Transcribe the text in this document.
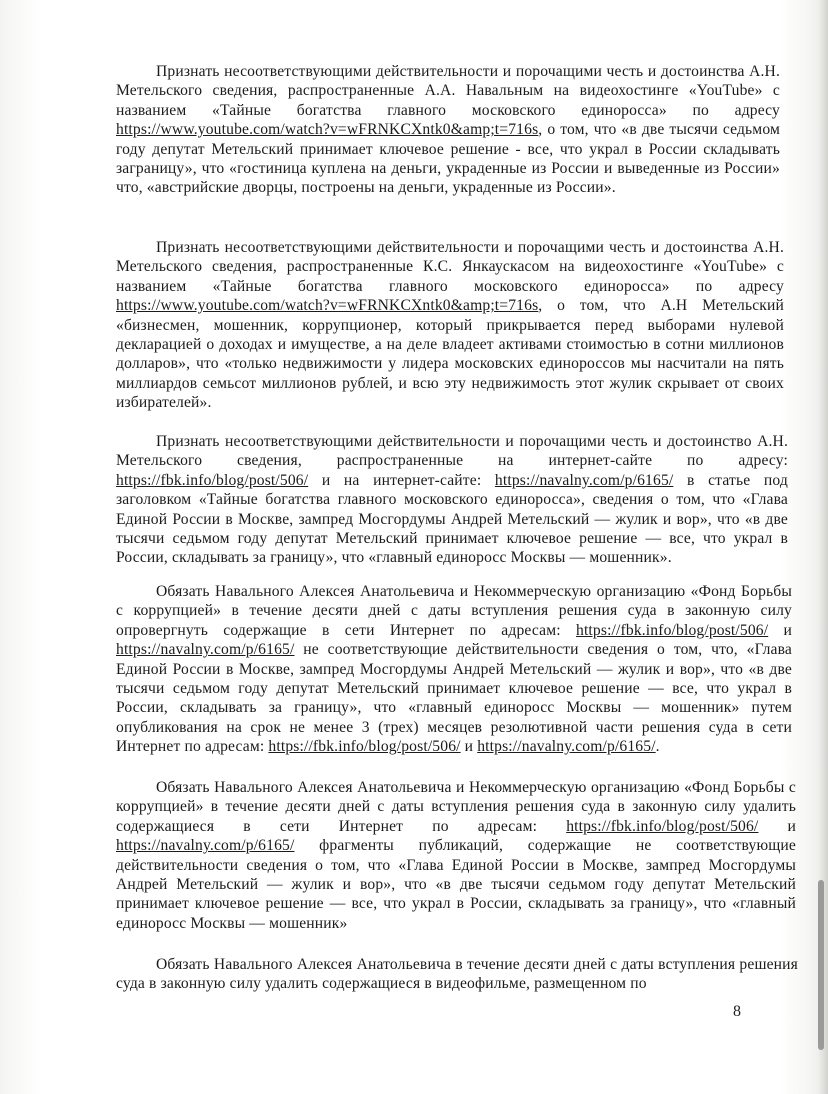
Признать несоответствующими действительности и порочащими честь и достоинства А.Н. Метельского сведения, распространенные А.А. Навальным на видеохостинге «YouTube» с названием «Тайные богатства главного московского единоросса» по адресу https://www.youtube.com/watch?v=wFRNKCXntk0&amp;t=716s, о том, что «в две тысячи седьмом году депутат Метельский принимает ключевое решение - все, что украл в России складывать заграницу», что «гостиница куплена на деньги, украденные из России и выведенные из России» что, «австрийские дворцы, построены на деньги, украденные из России».

Признать несоответствующими действительности и порочащими честь и достоинства А.Н. Метельского сведения, распространенные К.С. Янкаускасом на видеохостинге «YouTube» с названием «Тайные богатства главного московского единоросса» по адресу https://www.youtube.com/watch?v=wFRNKCXntk0&amp;t=716s, о том, что А.Н Метельский «бизнесмен, мошенник, коррупционер, который прикрывается перед выборами нулевой декларацией о доходах и имуществе, а на деле владеет активами стоимостью в сотни миллионов долларов», что «только недвижимости у лидера московских единороссов мы насчитали на пять миллиардов семьсот миллионов рублей, и всю эту недвижимость этот жулик скрывает от своих избирателей».

Признать несоответствующими действительности и порочащими честь и достоинство А.Н. Метельского сведения, распространенные на интернет-сайте по адресу: https://fbk.info/blog/post/506/ и на интернет-сайте: https://navalny.com/p/6165/ в статье под заголовком «Тайные богатства главного московского единоросса», сведения о том, что «Глава Единой России в Москве, зампред Мосгордумы Андрей Метельский — жулик и вор», что «в две тысячи седьмом году депутат Метельский принимает ключевое решение — все, что украл в России, складывать за границу», что «главный единоросс Москвы — мошенник».

Обязать Навального Алексея Анатольевича и Некоммерческую организацию «Фонд Борьбы с коррупцией» в течение десяти дней с даты вступления решения суда в законную силу опровергнуть содержащие в сети Интернет по адресам: https://fbk.info/blog/post/506/ и https://navalny.com/p/6165/ не соответствующие действительности сведения о том, что, «Глава Единой России в Москве, зампред Мосгордумы Андрей Метельский — жулик и вор», что «в две тысячи седьмом году депутат Метельский принимает ключевое решение — все, что украл в России, складывать за границу», что «главный единоросс Москвы — мошенник» путем опубликования на срок не менее 3 (трех) месяцев резолютивной части решения суда в сети Интернет по адресам: https://fbk.info/blog/post/506/ и https://navalny.com/p/6165/.

Обязать Навального Алексея Анатольевича и Некоммерческую организацию «Фонд Борьбы с коррупцией» в течение десяти дней с даты вступления решения суда в законную силу удалить содержащиеся в сети Интернет по адресам: https://fbk.info/blog/post/506/ и https://navalny.com/p/6165/ фрагменты публикаций, содержащие не соответствующие действительности сведения о том, что «Глава Единой России в Москве, зампред Мосгордумы Андрей Метельский — жулик и вор», что «в две тысячи седьмом году депутат Метельский принимает ключевое решение — все, что украл в России, складывать за границу», что «главный единоросс Москвы — мошенник»

Обязать Навального Алексея Анатольевича в течение десяти дней с даты вступления решения суда в законную силу удалить содержащиеся в видеофильме, размещенном по

8
